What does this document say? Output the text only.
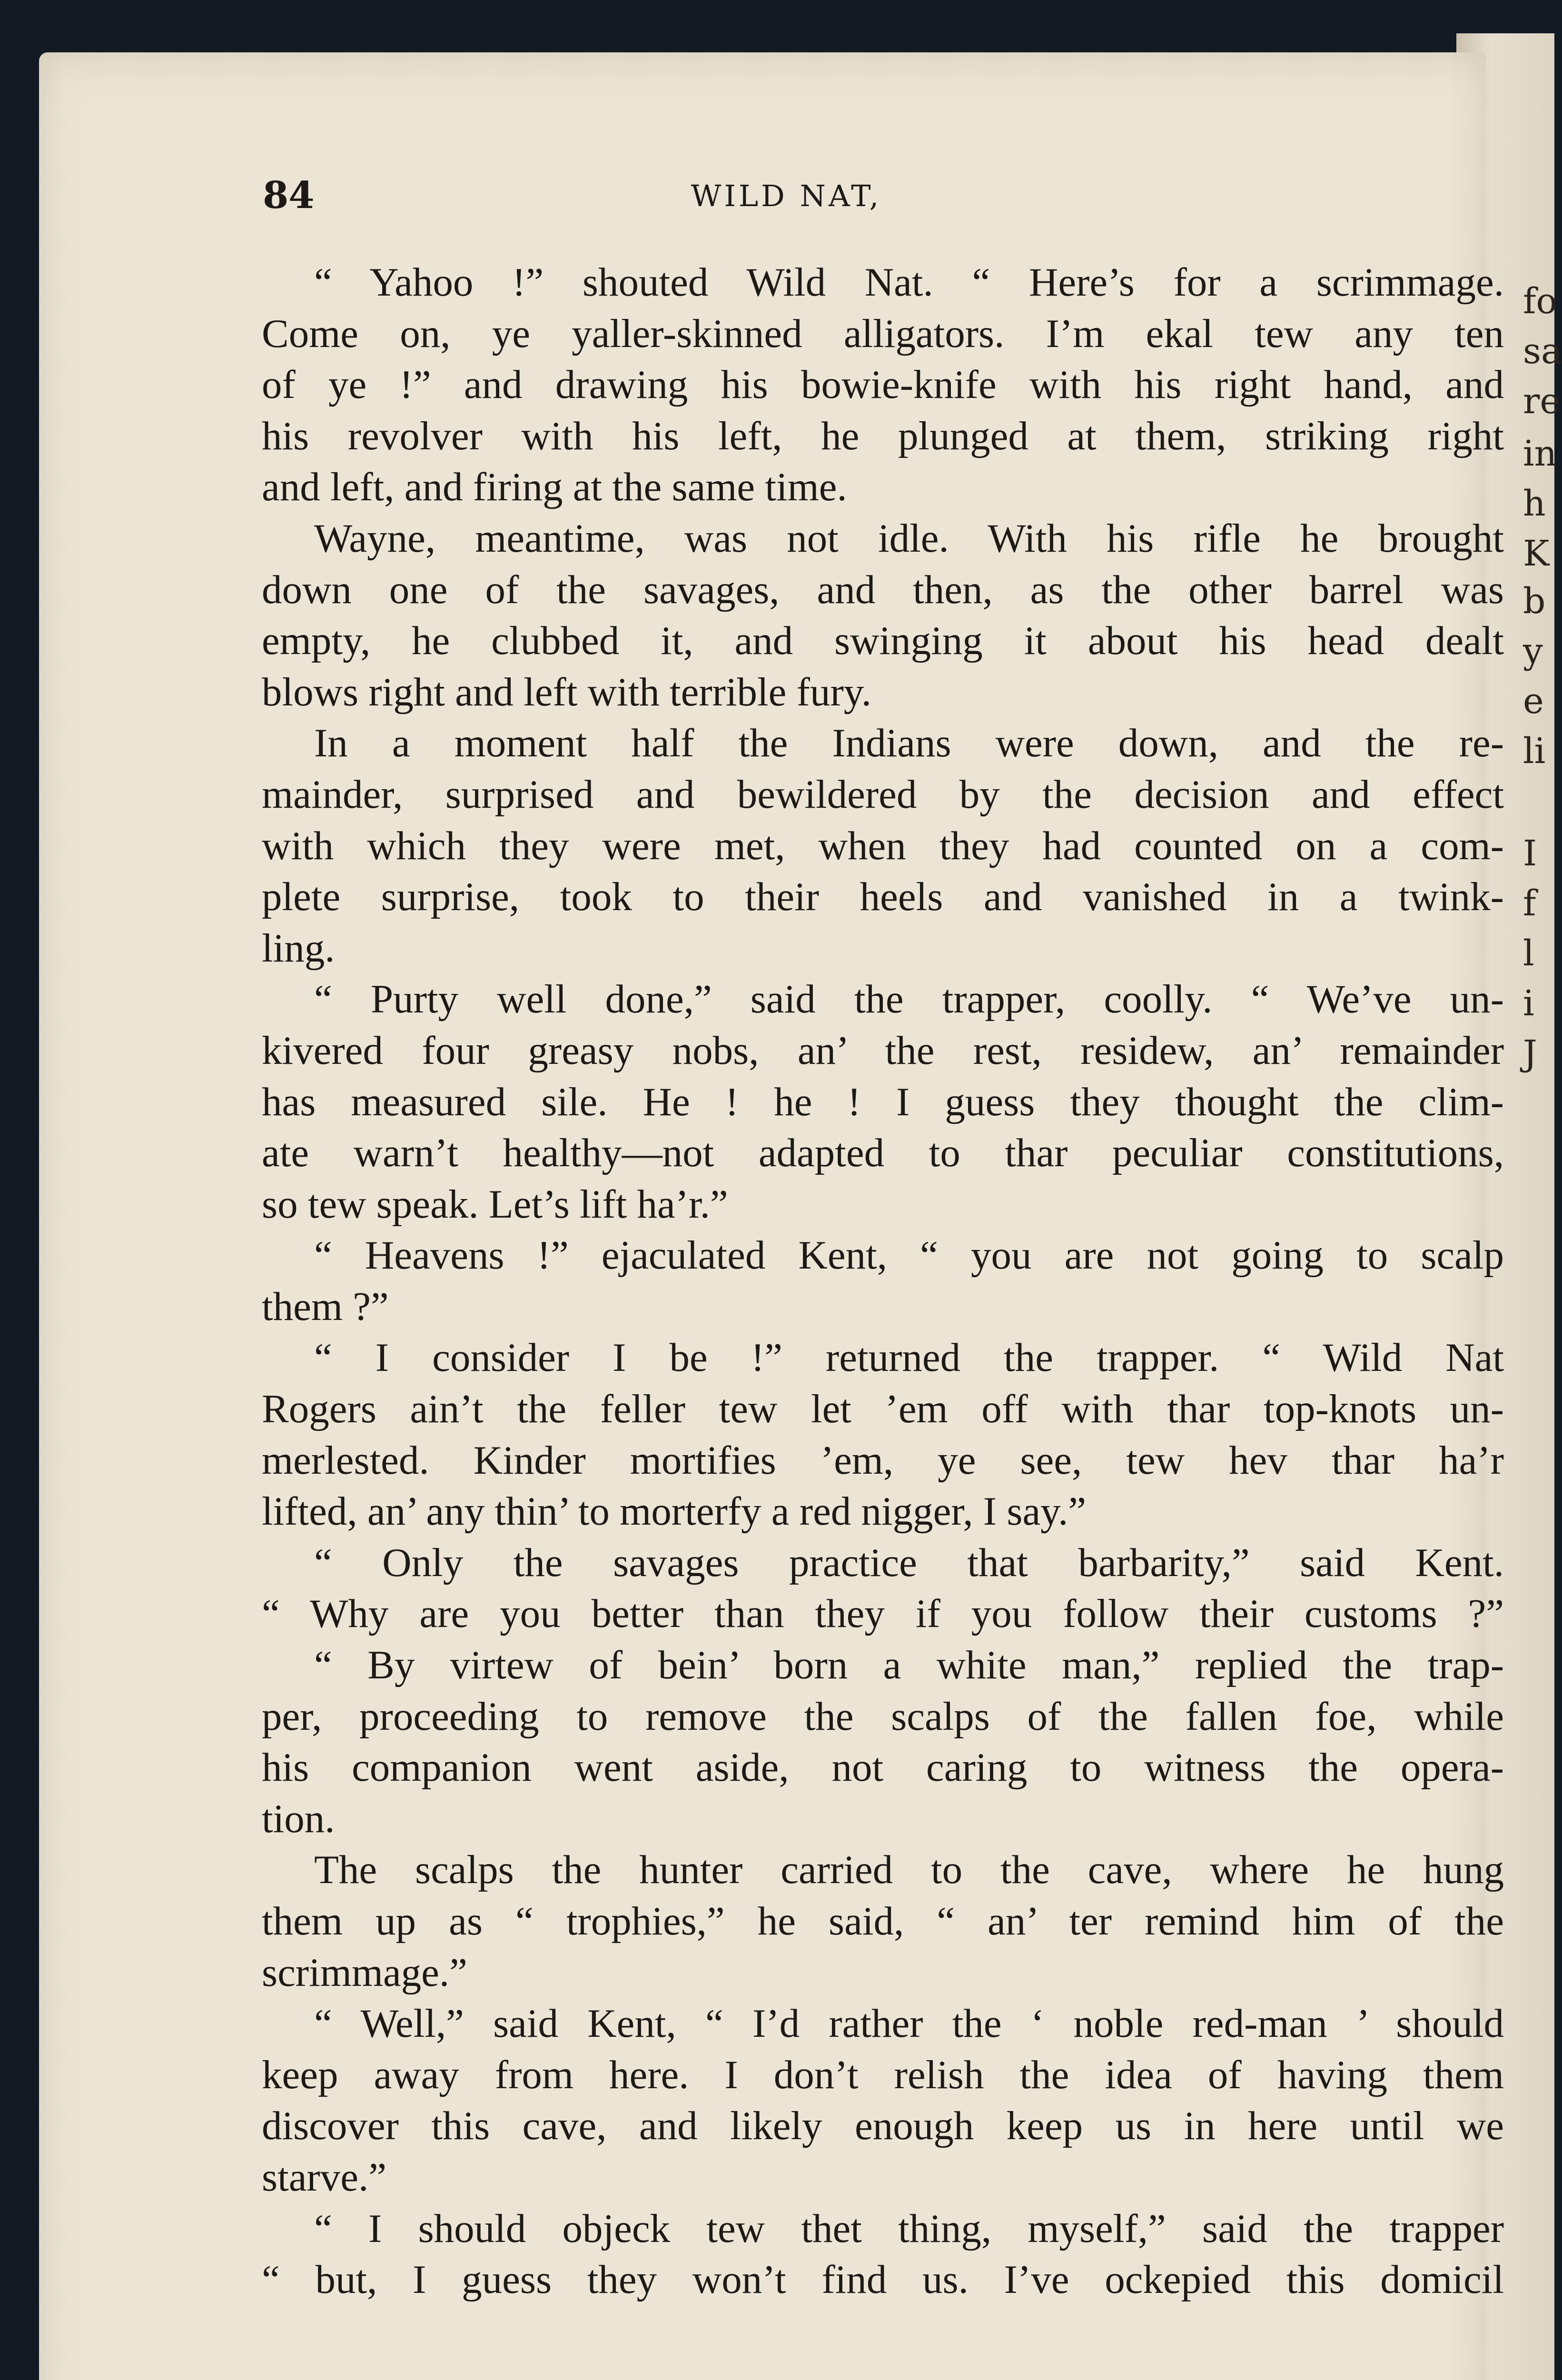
fo
sa
re
in
h
K
b
y
e
li
I
f
l
i
J
84	WILD NAT,
“ Yahoo !” shouted Wild Nat. “ Here’s for a scrimmage.
Come on, ye yaller-skinned alligators. I’m ekal tew any ten
of ye !” and drawing his bowie-knife with his right hand, and
his revolver with his left, he plunged at them, striking right
and left, and firing at the same time.
Wayne, meantime, was not idle. With his rifle he brought
down one of the savages, and then, as the other barrel was
empty, he clubbed it, and swinging it about his head dealt
blows right and left with terrible fury.
In a moment half the Indians were down, and the re-
mainder, surprised and bewildered by the decision and effect
with which they were met, when they had counted on a com-
plete surprise, took to their heels and vanished in a twink-
ling.
“ Purty well done,” said the trapper, coolly. “ We’ve un-
kivered four greasy nobs, an’ the rest, residew, an’ remainder
has measured sile. He ! he ! I guess they thought the clim-
ate warn’t healthy—not adapted to thar peculiar constitutions,
so tew speak. Let’s lift ha’r.”
“ Heavens !” ejaculated Kent, “ you are not going to scalp
them ?”
“ I consider I be !” returned the trapper. “ Wild Nat
Rogers ain’t the feller tew let ’em off with thar top-knots un-
merlested. Kinder mortifies ’em, ye see, tew hev thar ha’r
lifted, an’ any thin’ to morterfy a red nigger, I say.”
“ Only the savages practice that barbarity,” said Kent.
“ Why are you better than they if you follow their customs ?”
“ By virtew of bein’ born a white man,” replied the trap-
per, proceeding to remove the scalps of the fallen foe, while
his companion went aside, not caring to witness the opera-
tion.
The scalps the hunter carried to the cave, where he hung
them up as “ trophies,” he said, “ an’ ter remind him of the
scrimmage.”
“ Well,” said Kent, “ I’d rather the ‘ noble red-man ’ should
keep away from here. I don’t relish the idea of having them
discover this cave, and likely enough keep us in here until we
starve.”
“ I should objeck tew thet thing, myself,” said the trapper
“ but, I guess they won’t find us. I’ve ockepied this domicil
